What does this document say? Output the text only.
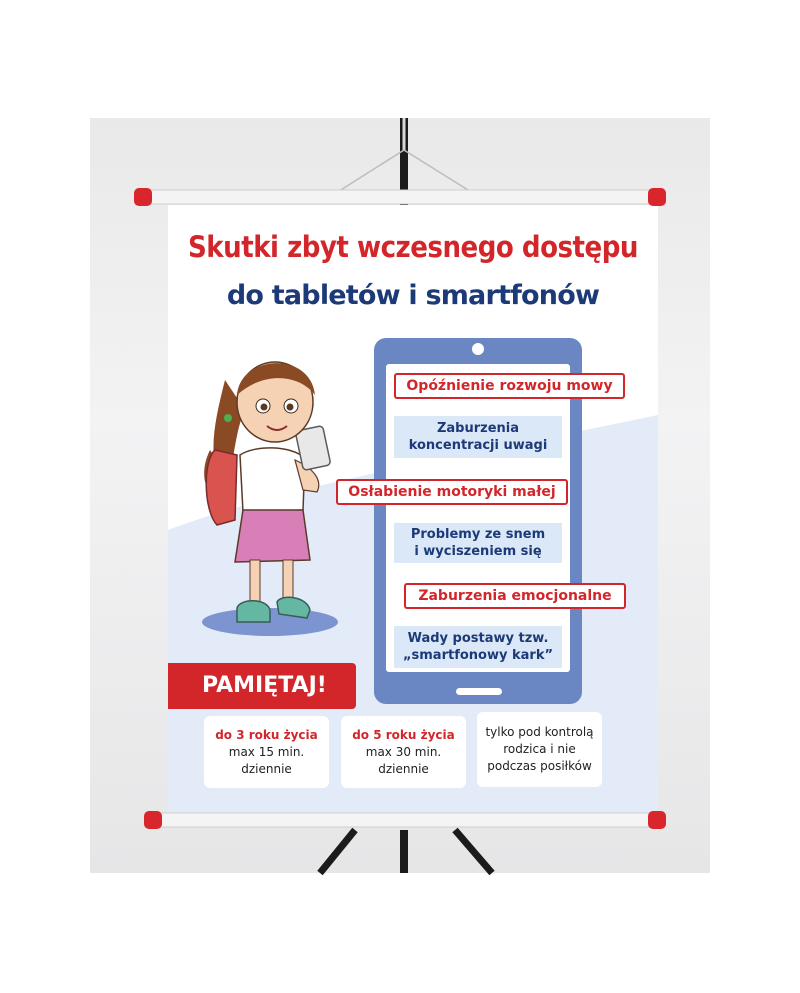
Skutki zbyt wczesnego dostępu
do tabletów i smartfonów
Opóźnienie rozwoju mowy
Zaburzenia
koncentracji uwagi
Osłabienie motoryki małej
Problemy ze snem
i wyciszeniem się
Zaburzenia emocjonalne
Wady postawy tzw.
„smartfonowy kark”
PAMIĘTAJ!
do 3 roku życia
max 15 min.
dziennie
do 5 roku życia
max 30 min.
dziennie
tylko pod kontrolą
rodzica i nie
podczas posiłków
